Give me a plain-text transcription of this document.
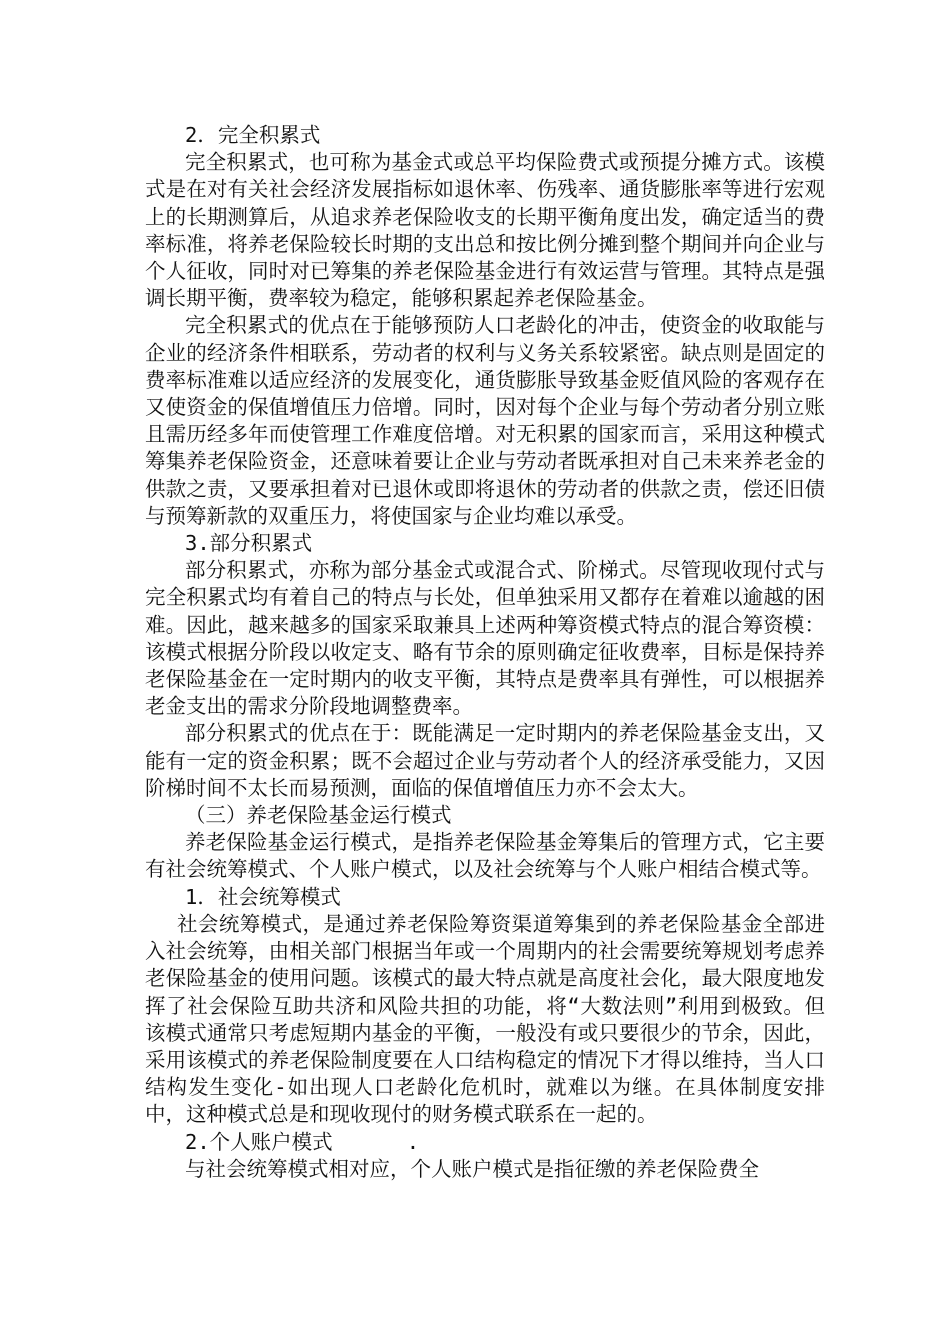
2．完全积累式

完全积累式，也可称为基金式或总平均保险费式或预提分摊方式。该模式是在对有关社会经济发展指标如退休率、伤残率、通货膨胀率等进行宏观上的长期测算后，从追求养老保险收支的长期平衡角度出发，确定适当的费率标准，将养老保险较长时期的支出总和按比例分摊到整个期间并向企业与个人征收，同时对已筹集的养老保险基金进行有效运营与管理。其特点是强调长期平衡，费率较为稳定，能够积累起养老保险基金。

完全积累式的优点在于能够预防人口老龄化的冲击，使资金的收取能与企业的经济条件相联系，劳动者的权利与义务关系较紧密。缺点则是固定的费率标准难以适应经济的发展变化，通货膨胀导致基金贬值风险的客观存在又使资金的保值增值压力倍增。同时，因对每个企业与每个劳动者分别立账且需历经多年而使管理工作难度倍增。对无积累的国家而言，采用这种模式筹集养老保险资金，还意味着要让企业与劳动者既承担对自己未来养老金的供款之责，又要承担着对已退休或即将退休的劳动者的供款之责，偿还旧债 与预筹新款的双重压力，将使国家与企业均难以承受。

3.部分积累式

部分积累式，亦称为部分基金式或混合式、阶梯式。尽管现收现付式与完全积累式均有着自己的特点与长处，但单独采用又都存在着难以逾越的困难。因此，越来越多的国家采取兼具上述两种筹资模式特点的混合筹资模：该模式根据分阶段以收定支、略有节余的原则确定征收费率，目标是保持养老保险基金在一定时期内的收支平衡，其特点是费率具有弹性，可以根据养老金支出的需求分阶段地调整费率。

部分积累式的优点在于：既能满足一定时期内的养老保险基金支出，又能有一定的资金积累；既不会超过企业与劳动者个人的经济承受能力，又因阶梯时间不太长而易预测，面临的保值增值压力亦不会太大。

（三）养老保险基金运行模式

养老保险基金运行模式，是指养老保险基金筹集后的管理方式，它主要有社会统筹模式、个人账户模式，以及社会统筹与个人账户相结合模式等。

1．社会统筹模式

社会统筹模式，是通过养老保险筹资渠道筹集到的养老保险基金全部进入社会统筹，由相关部门根据当年或一个周期内的社会需要统筹规划考虑养 老保险基金的使用问题。该模式的最大特点就是高度社会化，最大限度地发挥了社会保险互助共济和风险共担的功能，将“大数法则”利用到极致。但该模式通常只考虑短期内基金的平衡，一般没有或只要很少的节余，因此，采用该模式的养老保险制度要在人口结构稳定的情况下才得以维持，当人口结构发生变化-如出现人口老龄化危机时，就难以为继。在具体制度安排中，这种模式总是和现收现付的财务模式联系在一起的。

2.个人账户模式      .

与社会统筹模式相对应，个人账户模式是指征缴的养老保险费全
